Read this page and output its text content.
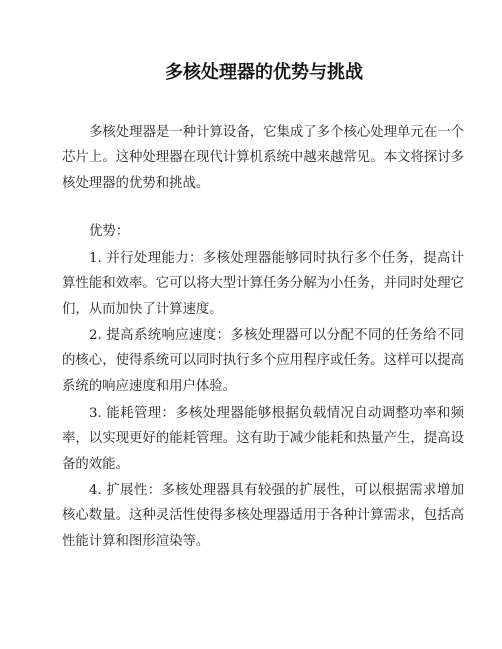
多核处理器的优势与挑战

多核处理器是一种计算设备，它集成了多个核心处理单元在一个芯片上。这种处理器在现代计算机系统中越来越常见。本文将探讨多核处理器的优势和挑战。

优势：

1. 并行处理能力：多核处理器能够同时执行多个任务，提高计算性能和效率。它可以将大型计算任务分解为小任务，并同时处理它们，从而加快了计算速度。

2. 提高系统响应速度：多核处理器可以分配不同的任务给不同的核心，使得系统可以同时执行多个应用程序或任务。这样可以提高系统的响应速度和用户体验。

3. 能耗管理：多核处理器能够根据负载情况自动调整功率和频率，以实现更好的能耗管理。这有助于减少能耗和热量产生，提高设备的效能。

4. 扩展性：多核处理器具有较强的扩展性，可以根据需求增加核心数量。这种灵活性使得多核处理器适用于各种计算需求，包括高性能计算和图形渲染等。
